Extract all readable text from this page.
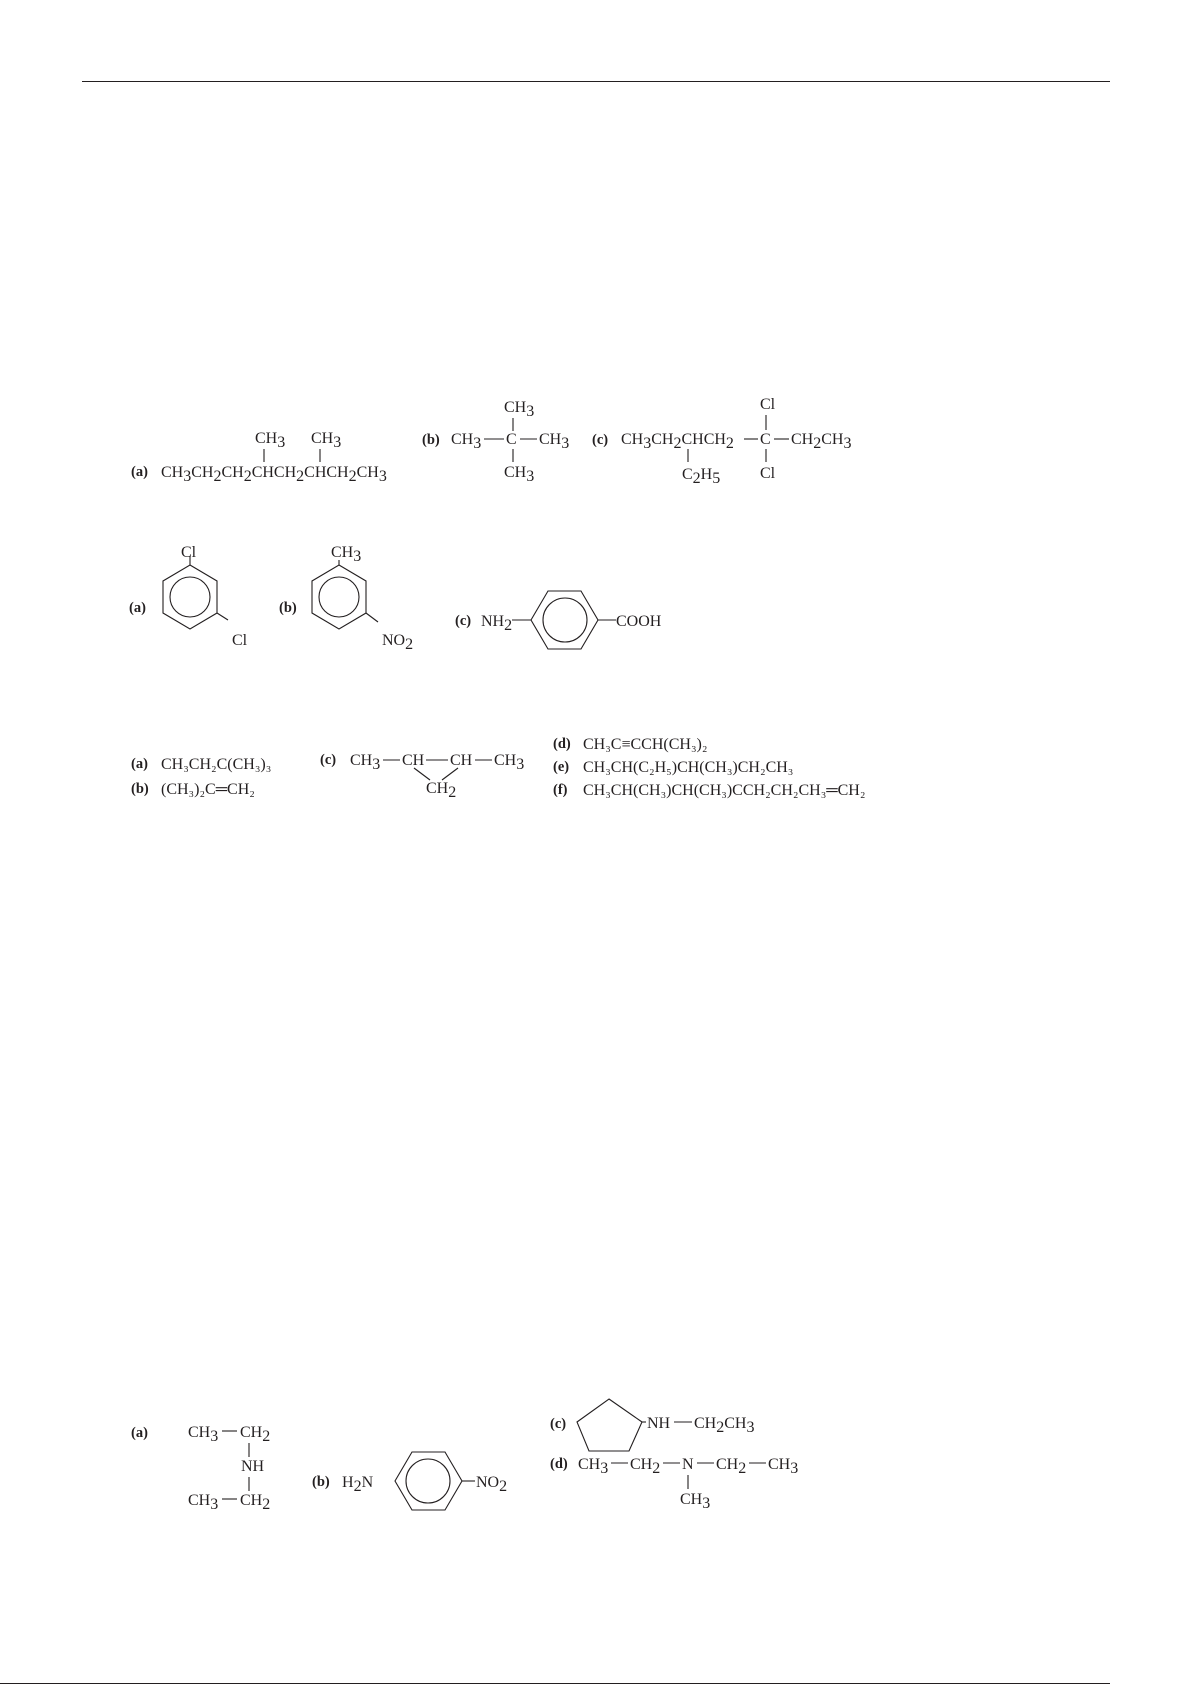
(a)
CH3 CH3
CH3CH2CH2CHCH2CHCH2CH3
(b)
CH3
CH3 C CH3
CH3
(c)
Cl
CH3CH2CHCH2 C CH2CH3
C2H5 Cl
(a)
Cl
Cl
(b)
CH3
NO2
(c) NH2	COOH
(a) CH₃CH₂C(CH₃)₃
(b) (CH₃)₂C═CH₂
(c) CH3 CH CH CH3
CH2
(d) CH₃C≡CCH(CH₃)₂
(e) CH₃CH(C₂H₅)CH(CH₃)CH₂CH₃
(f) CH₃CH(CH₃)CH(CH₃)CCH₂CH₂CH₃═CH₂
(a)	CH3 CH2
NH
CH3 CH2
(b) H2N	NO2
(c)	NH CH2CH3
(d) CH3 CH2 N CH2 CH3
CH3
